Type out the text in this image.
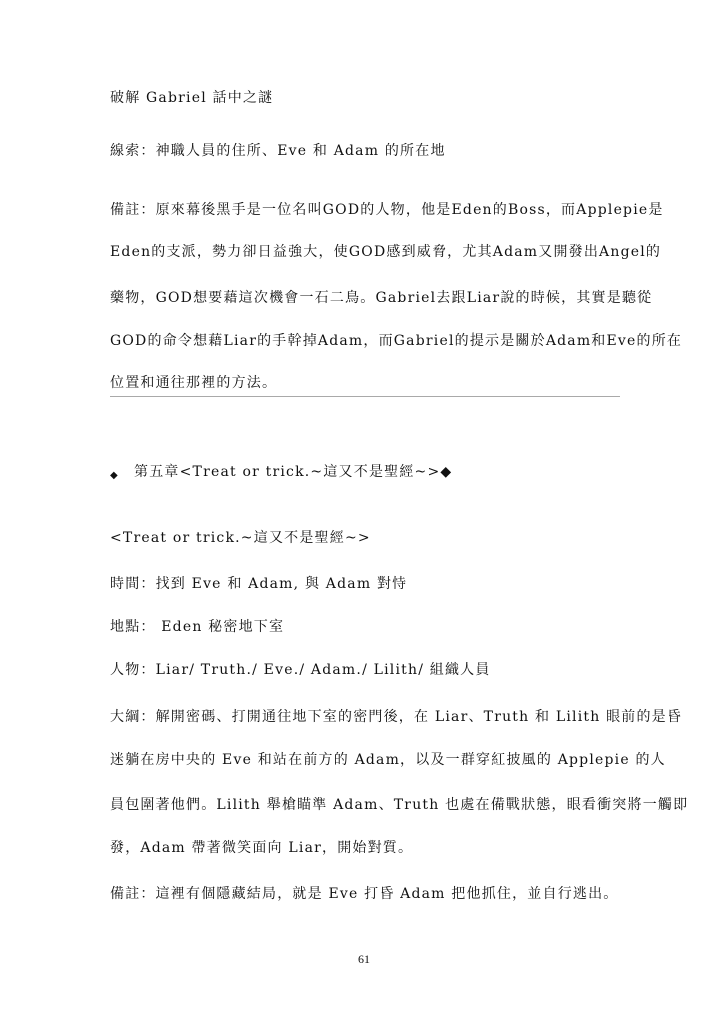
破解 Gabriel 話中之謎
線索：神職人員的住所、Eve 和 Adam 的所在地
備註：原來幕後黑手是一位名叫GOD的人物，他是Eden的Boss，而Applepie是
Eden的支派，勢力卻日益強大，使GOD感到威脅，尤其Adam又開發出Angel的
藥物，GOD想要藉這次機會一石二鳥。Gabriel去跟Liar說的時候，其實是聽從
GOD的命令想藉Liar的手幹掉Adam，而Gabriel的提示是關於Adam和Eve的所在
位置和通往那裡的方法。
◆ 第五章<Treat or trick.~這又不是聖經~>◆
<Treat or trick.~這又不是聖經~>
時間：找到 Eve 和 Adam, 與 Adam 對恃
地點： Eden 秘密地下室
人物：Liar/ Truth./ Eve./ Adam./ Lilith/ 組織人員
大綱：解開密碼、打開通往地下室的密門後，在 Liar、Truth 和 Lilith 眼前的是昏
迷躺在房中央的 Eve 和站在前方的 Adam，以及一群穿紅披風的 Applepie 的人
員包圍著他們。Lilith 舉槍瞄準 Adam、Truth 也處在備戰狀態，眼看衝突將一觸即
發，Adam 帶著微笑面向 Liar，開始對質。
備註：這裡有個隱藏結局，就是 Eve 打昏 Adam 把他抓住，並自行逃出。
61
